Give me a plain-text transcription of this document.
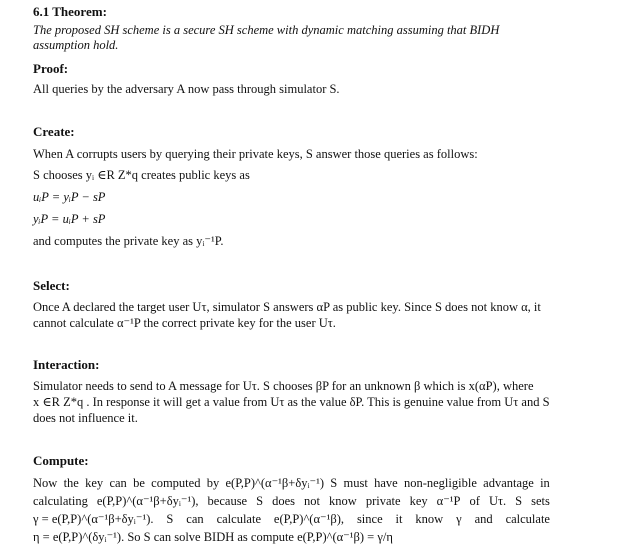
6.1 Theorem:
The proposed SH scheme is a secure SH scheme with dynamic matching assuming that BIDH
assumption hold.
Proof:
All queries by the adversary A now pass through simulator S.
Create:
When A corrupts users by querying their private keys, S answer those queries as follows:
S chooses yᵢ ∈R Z*q creates public keys as
uᵢP = yᵢP − sP
yᵢP = uᵢP + sP
and computes the private key as yᵢ⁻¹P.
Select:
Once A declared the target user Uτ, simulator S answers αP as public key. Since S does not know α, it
cannot calculate α⁻¹P the correct private key for the user Uτ.
Interaction:
Simulator needs to send to A message for Uτ. S chooses βP for an unknown β which is x(αP), where
x ∈R Z*q . In response it will get a value from Uτ as the value δP. This is genuine value from Uτ and S
does not influence it.
Compute:
Now the key can be computed by e(P,P)^(α⁻¹β+δyᵢ⁻¹) S must have non-negligible advantage in
calculating e(P,P)^(α⁻¹β+δyᵢ⁻¹), because S does not know private key α⁻¹P of Uτ. S sets
γ = e(P,P)^(α⁻¹β+δyᵢ⁻¹). S can calculate e(P,P)^(α⁻¹β), since it know γ and calculate
η = e(P,P)^(δyᵢ⁻¹). So S can solve BIDH as compute e(P,P)^(α⁻¹β) = γ/η
